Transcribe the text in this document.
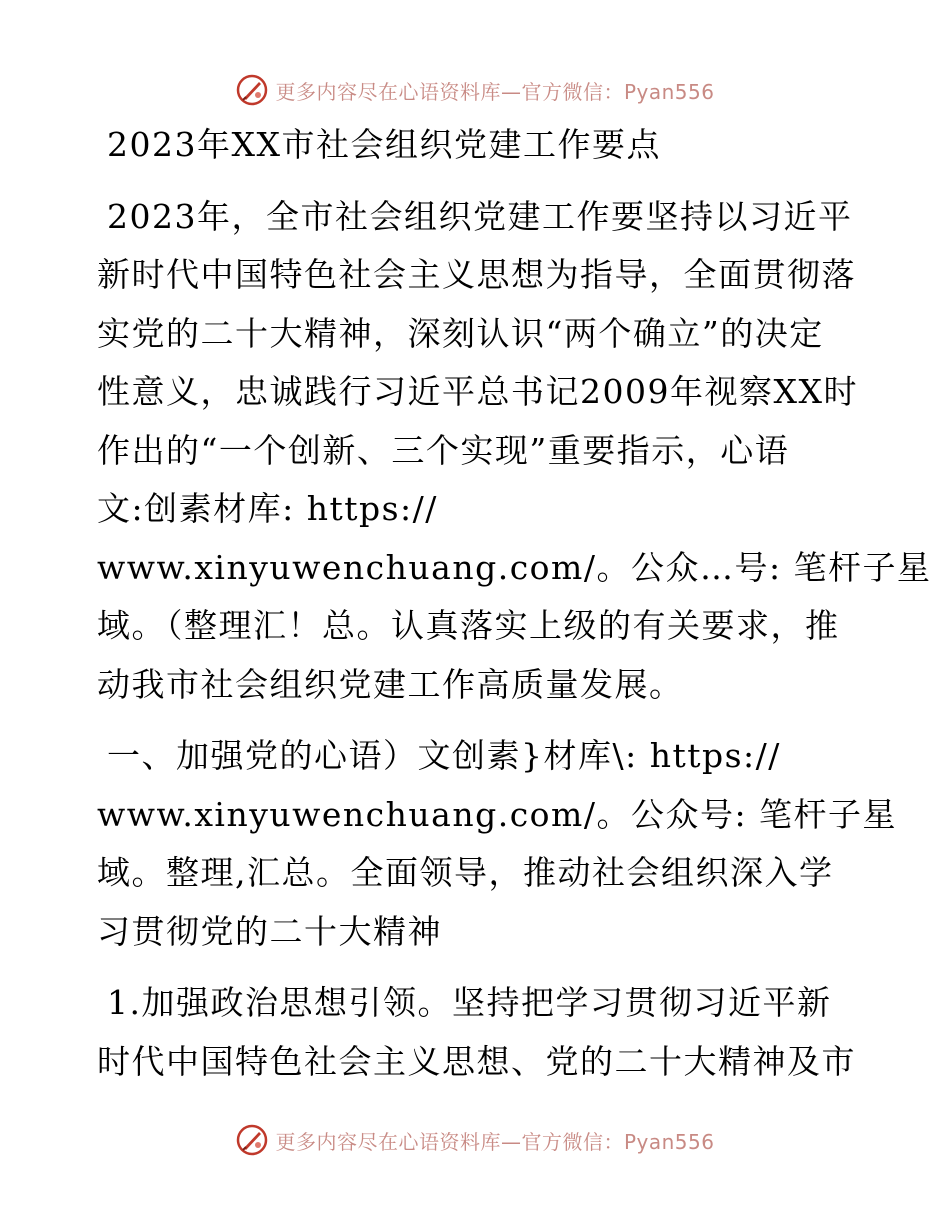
更多内容尽在心语资料库—官方微信：Pyan556
2023年XX市社会组织党建工作要点
2023年，全市社会组织党建工作要坚持以习近平
新时代中国特色社会主义思想为指导，全面贯彻落
实党的二十大精神，深刻认识“两个确立”的决定
性意义，忠诚践行习近平总书记2009年视察XX时
作出的“一个创新、三个实现”重要指示，心语
文:创素材库: https://
www.xinyuwenchuang.com/。公众…号: 笔杆子星
域。（整理汇！总。认真落实上级的有关要求，推
动我市社会组织党建工作高质量发展。
一、加强党的心语）文创素}材库\: https://
www.xinyuwenchuang.com/。公众号: 笔杆子星
域。整理,汇总。全面领导，推动社会组织深入学
习贯彻党的二十大精神
1.加强政治思想引领。坚持把学习贯彻习近平新
时代中国特色社会主义思想、党的二十大精神及市
更多内容尽在心语资料库—官方微信：Pyan556
